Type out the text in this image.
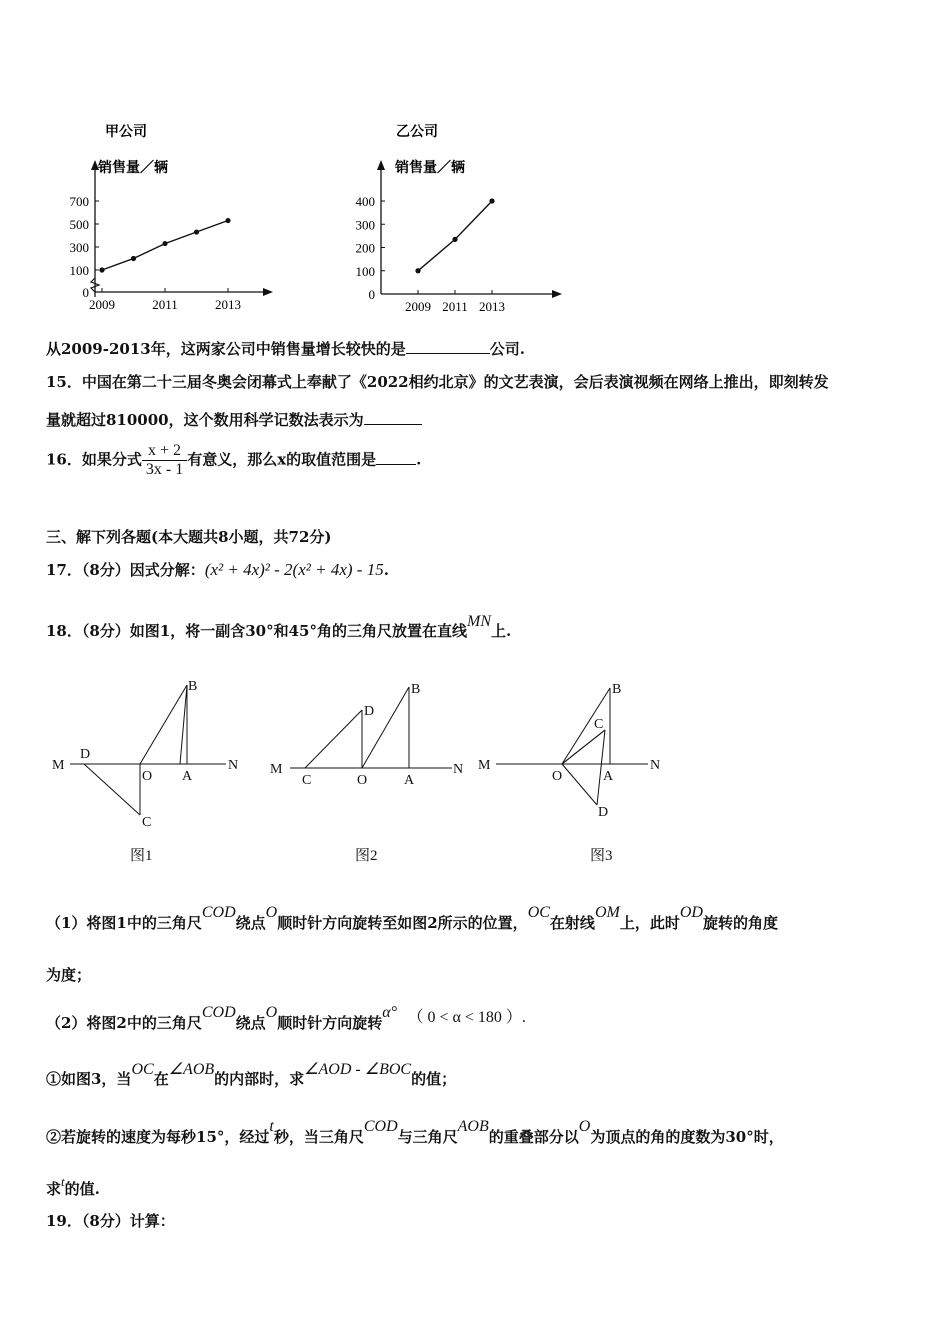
甲公司
销售量／辆
0
100
300
500
700
2009	2011	2013
乙公司
销售量／辆
0
100
200
300
400
2009 2011 2013
从2009-2013年，这两家公司中销售量增长较快的是	公司.
15．中国在第二十三届冬奥会闭幕式上奉献了《2022相约北京》的文艺表演，会后表演视频在网络上推出，即刻转发
量就超过810000，这个数用科学记数法表示为
16．如果分式 $\frac{x + 2}{3x - 1}$ 有意义，那么x的取值范围是	.
三、解下列各题(本大题共8小题，共72分)
17．（8分）因式分解：(x² + 4x)² - 2(x² + 4x) - 15.
18．（8分）如图1，将一副含30°和45°角的三角尺放置在直线MN上.
M
D
O A
N
B
C
图1
M
C	O	A
N
D
B
图2
M
O	A
N
B
C
D
图3
（1）将图1中的三角尺COD绕点O顺时针方向旋转至如图2所示的位置，OC在射线OM上，此时OD旋转的角度
为度；
（2）将图2中的三角尺COD绕点O顺时针方向旋转α° （ 0 < α < 180 ）.
①如图3，当OC在∠AOB的内部时，求∠AOD - ∠BOC的值；
②若旋转的速度为每秒15°，经过t秒，当三角尺COD与三角尺AOB的重叠部分以O为顶点的角的度数为30°时，
求t的值.
19．（8分）计算：
